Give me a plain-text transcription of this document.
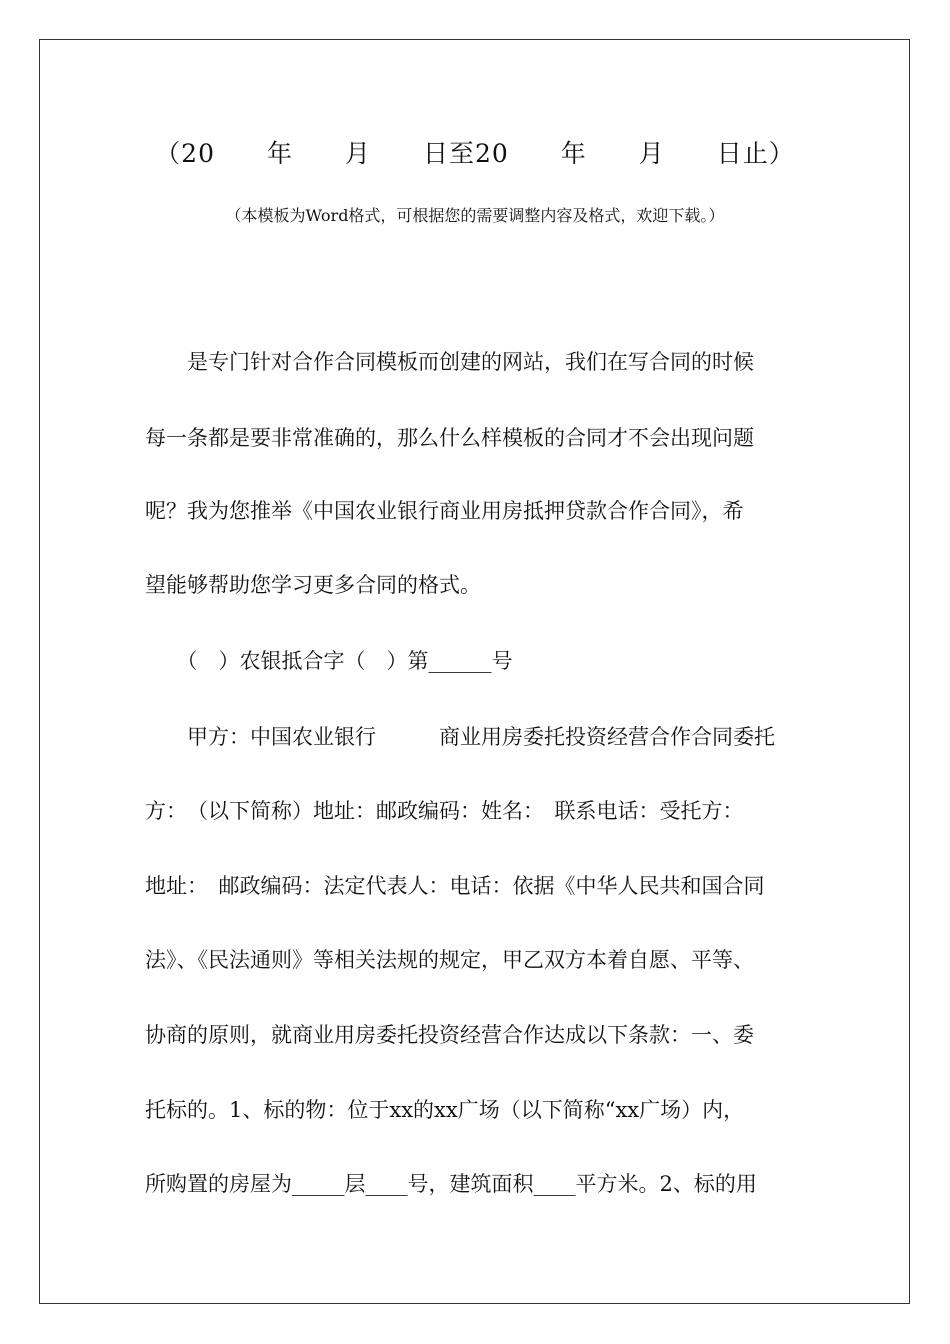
（20　　年　　月　　日至20　　年　　月　　日止）
（本模板为Word格式，可根据您的需要调整内容及格式，欢迎下载。）
　　是专门针对合作合同模板而创建的网站，我们在写合同的时候
每一条都是要非常准确的，那么什么样模板的合同才不会出现问题
呢？我为您推举《中国农业银行商业用房抵押贷款合作合同》，希
望能够帮助您学习更多合同的格式。
　　（　）农银抵合字（　）第______号
　　甲方：中国农业银行　　　商业用房委托投资经营合作合同委托
方：　（以下简称）地址：邮政编码：姓名：　联系电话：受托方：
地址：　邮政编码：法定代表人：电话：依据《中华人民共和国合同
法》、《民法通则》等相关法规的规定，甲乙双方本着自愿、平等、
协商的原则，就商业用房委托投资经营合作达成以下条款：一、委
托标的。1、标的物：位于xx的xx广场（以下简称“xx广场）内，
所购置的房屋为_____层____号，建筑面积____平方米。2、标的用
